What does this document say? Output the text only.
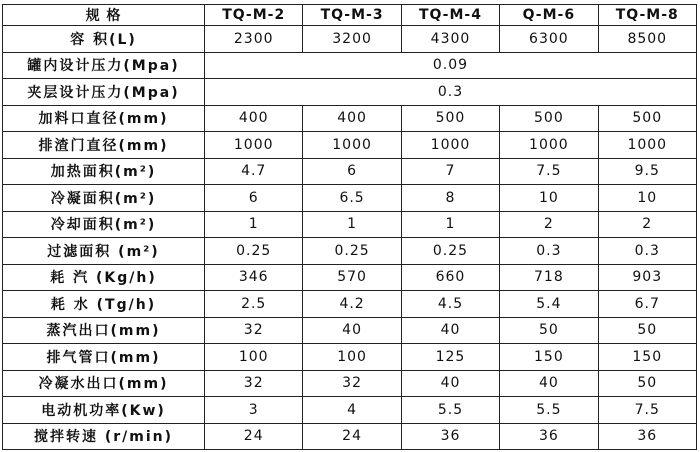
规 格	TQ-M-2	TQ-M-3	TQ-M-4	Q-M-6	TQ-M-8
容 积(L)	2300	3200	4300	6300	8500
罐内设计压力(Mpa)	0.09				
夹层设计压力(Mpa)	0.3				
加料口直径(mm)	400	400	500	500	500
排渣门直径(mm)	1000	1000	1000	1000	1000
加热面积(m²)	4.7	6	7	7.5	9.5
冷凝面积(m²)	6	6.5	8	10	10
冷却面积(m²)	1	1	1	2	2
过滤面积 (m²)	0.25	0.25	0.25	0.3	0.3
耗 汽 (Kg/h)	346	570	660	718	903
耗 水 (Tg/h)	2.5	4.2	4.5	5.4	6.7
蒸汽出口(mm)	32	40	40	50	50
排气管口(mm)	100	100	125	150	150
冷凝水出口(mm)	32	32	40	40	50
电动机功率(Kw)	3	4	5.5	5.5	7.5
搅拌转速 (r/min)	24	24	36	36	36
